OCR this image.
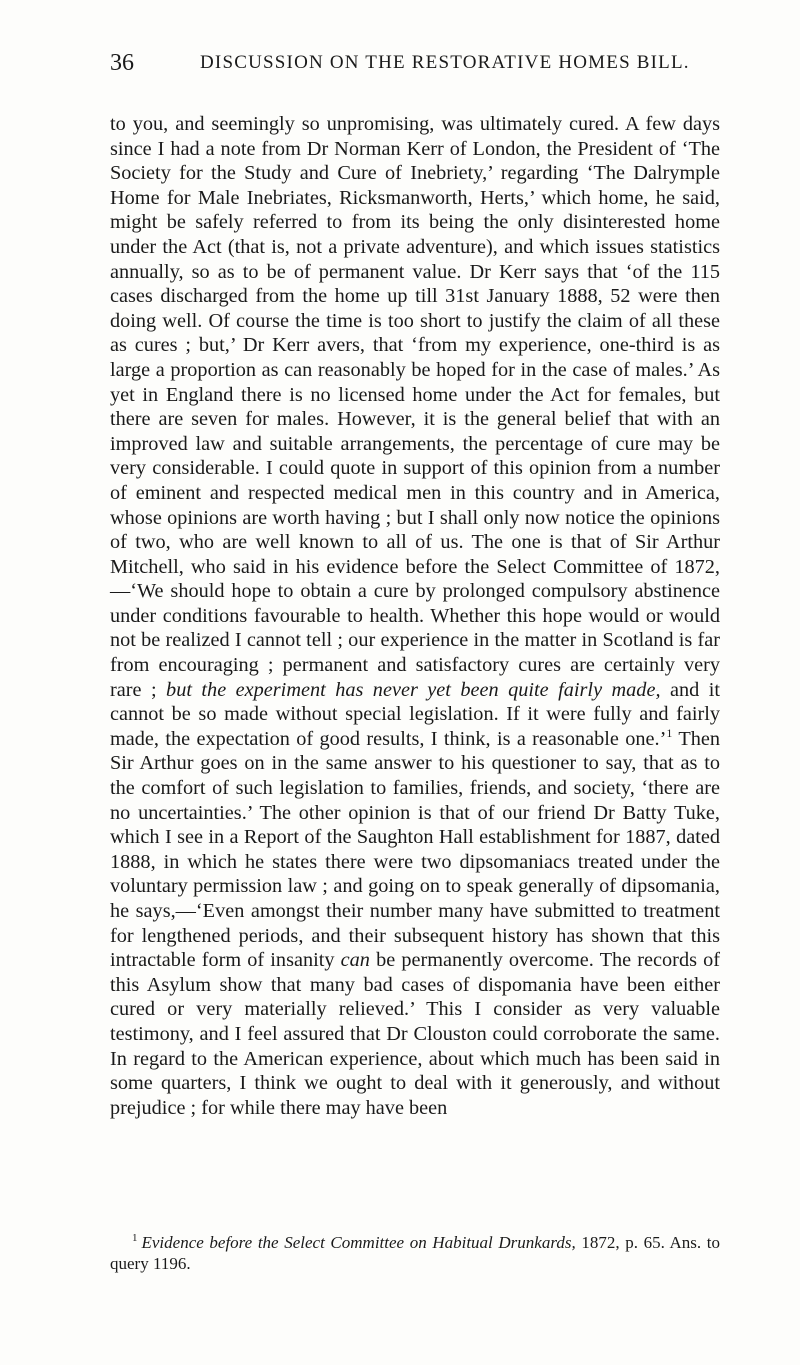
36	DISCUSSION ON THE RESTORATIVE HOMES BILL.

to you, and seemingly so unpromising, was ultimately cured. A few days since I had a note from Dr Norman Kerr of London, the President of ‘The Society for the Study and Cure of Inebriety,’ regarding ‘The Dalrymple Home for Male Inebriates, Ricksmanworth, Herts,’ which home, he said, might be safely referred to from its being the only disinterested home under the Act (that is, not a private adventure), and which issues statistics annually, so as to be of permanent value. Dr Kerr says that ‘of the 115 cases discharged from the home up till 31st January 1888, 52 were then doing well. Of course the time is too short to justify the claim of all these as cures ; but,’ Dr Kerr avers, that ‘from my experience, one-third is as large a proportion as can reasonably be hoped for in the case of males.’ As yet in England there is no licensed home under the Act for females, but there are seven for males. However, it is the general belief that with an improved law and suitable arrangements, the percentage of cure may be very considerable. I could quote in support of this opinion from a number of eminent and respected medical men in this country and in America, whose opinions are worth having ; but I shall only now notice the opinions of two, who are well known to all of us. The one is that of Sir Arthur Mitchell, who said in his evidence before the Select Committee of 1872,—‘We should hope to obtain a cure by prolonged compulsory abstinence under conditions favourable to health. Whether this hope would or would not be realized I cannot tell ; our experience in the matter in Scotland is far from encouraging ; permanent and satisfactory cures are certainly very rare ; but the experiment has never yet been quite fairly made, and it cannot be so made without special legislation. If it were fully and fairly made, the expectation of good results, I think, is a reasonable one.’$^1$ Then Sir Arthur goes on in the same answer to his questioner to say, that as to the comfort of such legislation to families, friends, and society, ‘there are no uncertainties.’ The other opinion is that of our friend Dr Batty Tuke, which I see in a Report of the Saughton Hall establishment for 1887, dated 1888, in which he states there were two dipsomaniacs treated under the voluntary permission law ; and going on to speak generally of dipsomania, he says,—‘Even amongst their number many have submitted to treatment for lengthened periods, and their subsequent history has shown that this intractable form of insanity can be permanently overcome. The records of this Asylum show that many bad cases of dispomania have been either cured or very materially relieved.’ This I consider as very valuable testimony, and I feel assured that Dr Clouston could corroborate the same. In regard to the American experience, about which much has been said in some quarters, I think we ought to deal with it generously, and without prejudice ; for while there may have been

$^1$ Evidence before the Select Committee on Habitual Drunkards, 1872, p. 65. Ans. to query 1196.
